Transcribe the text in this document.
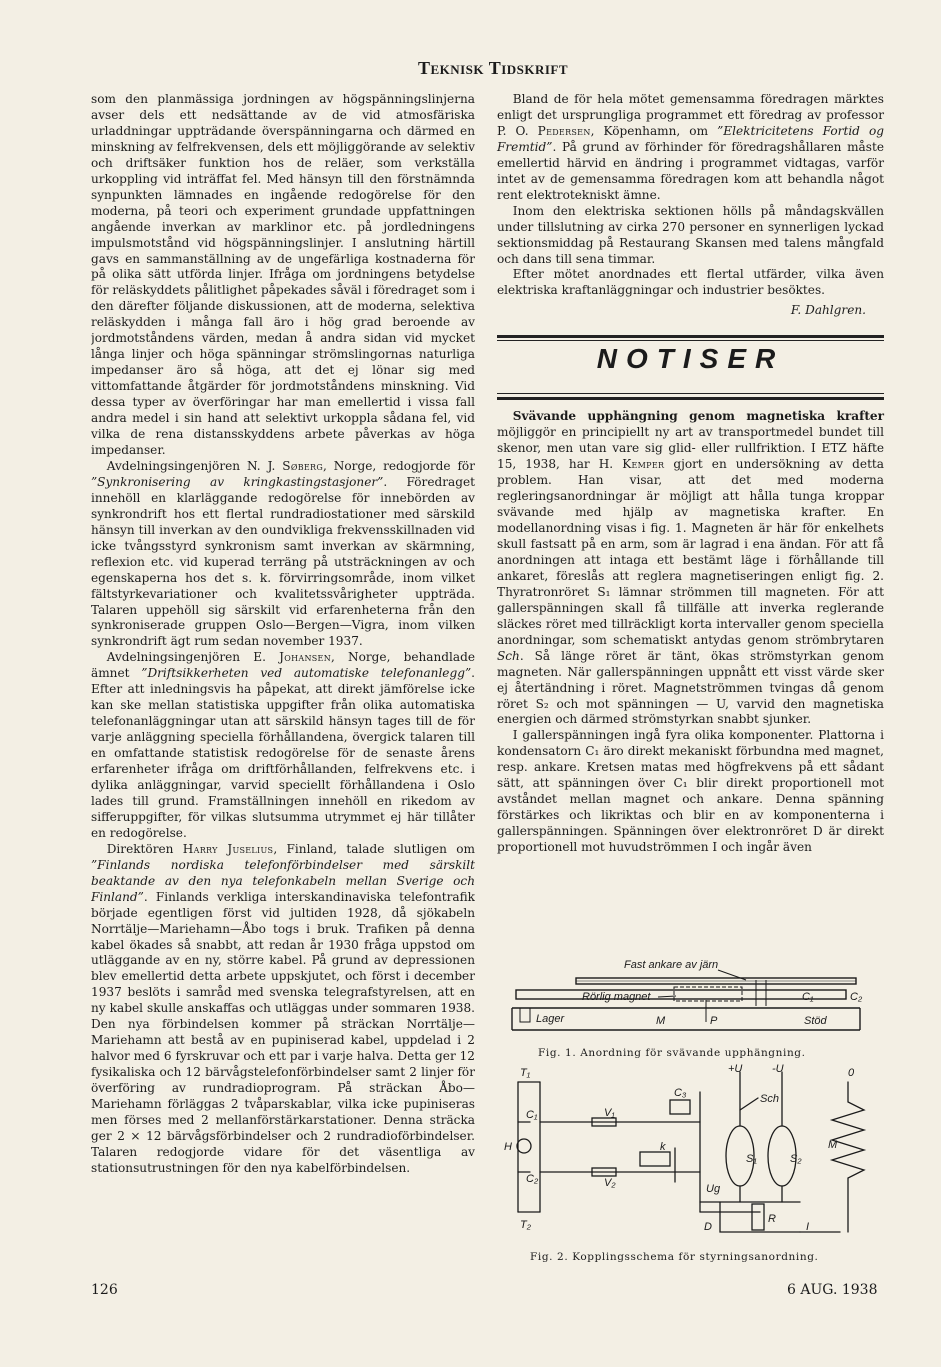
Teknisk Tidskrift

som den planmässiga jordningen av högspänningslinjerna avser dels ett nedsättande av de vid atmosfäriska urladdningar uppträdande överspänningarna och därmed en minskning av felfrekvensen, dels ett möjliggörande av selektiv och driftsäker funktion hos de reläer, som verkställa urkoppling vid inträffat fel. Med hänsyn till den förstnämnda synpunkten lämnades en ingående redogörelse för den moderna, på teori och experiment grundade uppfattningen angående inverkan av marklinor etc. på jordledningens impulsmotstånd vid högspänningslinjer. I anslutning härtill gavs en sammanställning av de ungefärliga kostnaderna för på olika sätt utförda linjer. Ifråga om jordningens betydelse för reläskyddets pålitlighet påpekades såväl i föredraget som i den därefter följande diskussionen, att de moderna, selektiva reläskydden i många fall äro i hög grad beroende av jordmotståndens värden, medan å andra sidan vid mycket långa linjer och höga spänningar strömslingornas naturliga impedanser äro så höga, att det ej lönar sig med vittomfattande åtgärder för jordmotståndens minskning. Vid dessa typer av överföringar har man emellertid i vissa fall andra medel i sin hand att selektivt urkoppla sådana fel, vid vilka de rena distansskyddens arbete påverkas av höga impedanser.

Avdelningsingenjören N. J. Søberg, Norge, redogjorde för ”Synkronisering av kringkastingstasjoner”. Föredraget innehöll en klarläggande redogörelse för innebörden av synkrondrift hos ett flertal rundradiostationer med särskild hänsyn till inverkan av den oundvikliga frekvensskillnaden vid icke tvångsstyrd synkronism samt inverkan av skärmning, reflexion etc. vid kuperad terräng på utsträckningen av och egenskaperna hos det s. k. förvirringsområde, inom vilket fältstyrkevariationer och kvalitetssvårigheter uppträda. Talaren uppehöll sig särskilt vid erfarenheterna från den synkroniserade gruppen Oslo—Bergen—Vigra, inom vilken synkrondrift ägt rum sedan november 1937.

Avdelningsingenjören E. Johansen, Norge, behandlade ämnet ”Driftsikkerheten ved automatiske telefonanlegg”. Efter att inledningsvis ha påpekat, att direkt jämförelse icke kan ske mellan statistiska uppgifter från olika automatiska telefonanläggningar utan att särskild hänsyn tages till de för varje anläggning speciella förhållandena, övergick talaren till en omfattande statistisk redogörelse för de senaste årens erfarenheter ifråga om driftförhållanden, felfrekvens etc. i dylika anläggningar, varvid speciellt förhållandena i Oslo lades till grund. Framställningen innehöll en rikedom av sifferuppgifter, för vilkas slutsumma utrymmet ej här tillåter en redogörelse.

Direktören Harry Juselius, Finland, talade slutligen om ”Finlands nordiska telefonförbindelser med särskilt beaktande av den nya telefonkabeln mellan Sverige och Finland”. Finlands verkliga interskandinaviska telefontrafik började egentligen först vid jultiden 1928, då sjökabeln Norrtälje—Mariehamn—Åbo togs i bruk. Trafiken på denna kabel ökades så snabbt, att redan år 1930 fråga uppstod om utläggande av en ny, större kabel. På grund av depressionen blev emellertid detta arbete uppskjutet, och först i december 1937 beslöts i samråd med svenska telegrafstyrelsen, att en ny kabel skulle anskaffas och utläggas under sommaren 1938. Den nya förbindelsen kommer på sträckan Norrtälje—Mariehamn att bestå av en pupiniserad kabel, uppdelad i 2 halvor med 6 fyrskruvar och ett par i varje halva. Detta ger 12 fysikaliska och 12 bärvågstelefonförbindelser samt 2 linjer för överföring av rundradioprogram. På sträckan Åbo—Mariehamn förläggas 2 tvåparskablar, vilka icke pupiniseras men förses med 2 mellanförstärkarstationer. Denna sträcka ger 2 × 12 bärvågsförbindelser och 2 rundradioförbindelser. Talaren redogjorde vidare för det väsentliga av stationsutrustningen för den nya kabelförbindelsen.

Bland de för hela mötet gemensamma föredragen märktes enligt det ursprungliga programmet ett föredrag av professor P. O. Pedersen, Köpenhamn, om ”Elektricitetens Fortid og Fremtid”. På grund av förhinder för föredragshållaren måste emellertid härvid en ändring i programmet vidtagas, varför intet av de gemensamma föredragen kom att behandla något rent elektrotekniskt ämne.

Inom den elektriska sektionen hölls på måndagskvällen under tillslutning av cirka 270 personer en synnerligen lyckad sektionsmiddag på Restaurang Skansen med talens mångfald och dans till sena timmar.

Efter mötet anordnades ett flertal utfärder, vilka även elektriska kraftanläggningar och industrier besöktes.

F. Dahlgren.
NOTISER

Svävande upphängning genom magnetiska krafter möjliggör en principiellt ny art av transportmedel bundet till skenor, men utan vare sig glid- eller rullfriktion. I ETZ häfte 15, 1938, har H. Kemper gjort en undersökning av detta problem. Han visar, att det med moderna regleringsanordningar är möjligt att hålla tunga kroppar svävande med hjälp av magnetiska krafter. En modellanordning visas i fig. 1. Magneten är här för enkelhets skull fastsatt på en arm, som är lagrad i ena ändan. För att få anordningen att intaga ett bestämt läge i förhållande till ankaret, föreslås att reglera magnetiseringen enligt fig. 2. Thyratronröret S₁ lämnar strömmen till magneten. För att gallerspänningen skall få tillfälle att inverka reglerande släckes röret med tillräckligt korta intervaller genom speciella anordningar, som schematiskt antydas genom strömbrytaren Sch. Så länge röret är tänt, ökas strömstyrkan genom magneten. När gallerspänningen uppnått ett visst värde sker ej återtändning i röret. Magnetströmmen tvingas då genom röret S₂ och mot spänningen — U, varvid den magnetiska energien och därmed strömstyrkan snabbt sjunker.

I gallerspänningen ingå fyra olika komponenter. Plattorna i kondensatorn C₁ äro direkt mekaniskt förbundna med magnet, resp. ankare. Kretsen matas med högfrekvens på ett sådant sätt, att spänningen över C₁ blir direkt proportionell mot avståndet mellan magnet och ankare. Denna spänning förstärkes och likriktas och blir en av komponenterna i gallerspänningen. Spänningen över elektronröret D är direkt proportionell mot huvudströmmen I och ingår även

Fast ankare av järn
Rörlig magnet	C₁	C₂
Lager	M	P	Stöd
Fig. 1. Anordning för svävande upphängning.
+U	-U	0
Sch
M
R
I
H	k
S₁	S₂
V₁
V₂
T₁
T₂
C₁
C₂
C₃
Ug
D
Fig. 2. Kopplingsschema för styrningsanordning.
126	6 AUG. 1938
